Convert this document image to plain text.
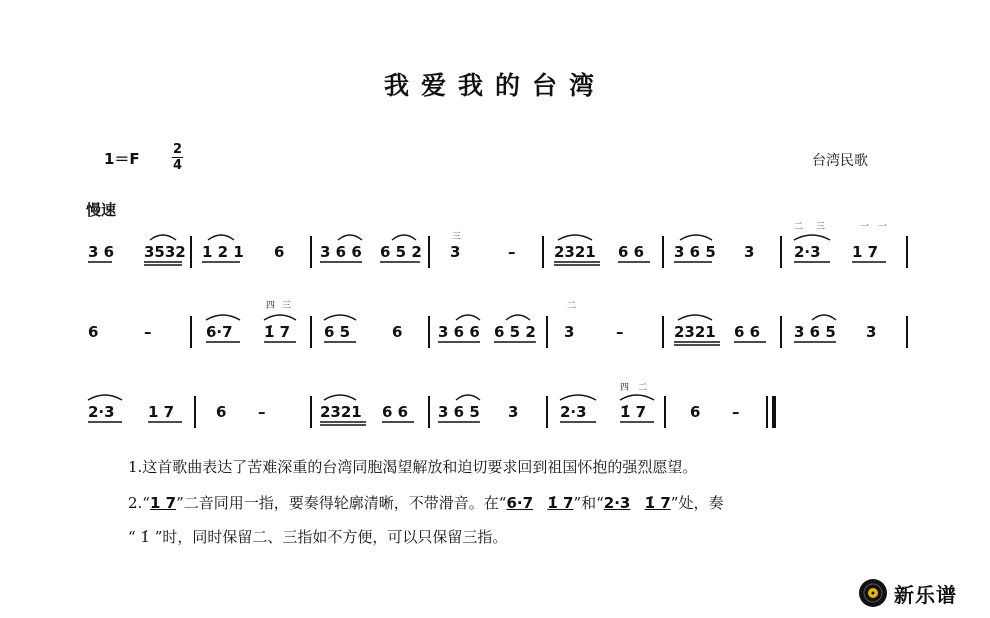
我爱我的台湾
1＝F
2
4	台湾民歌
慢速
3 6 3532 1 2 1 6 3 6 6 6 5 2 3	–	2321 6 6 3 6 5 3	2·3 1 7
三
二 三	一 一
6	–	6·7 1̇ 7 6 5	6 3 6 6 6 5 2 3	–	2321 6 6 3 6 5 3
四 三	二
2·3 1 7	6 –	2321 6 6 3 6 5 3	2·3 1̇ 7	6 –
四 二
1.这首歌曲表达了苦难深重的台湾同胞渴望解放和迫切要求回到祖国怀抱的强烈愿望。
2.“1 7”二音同用一指，要奏得轮廓清晰，不带滑音。在“6·7 1̇ 7”和“2·3 1̇ 7”处，奏
“ 1̇ ”时，同时保留二、三指如不方便，可以只保留三指。
新乐谱
